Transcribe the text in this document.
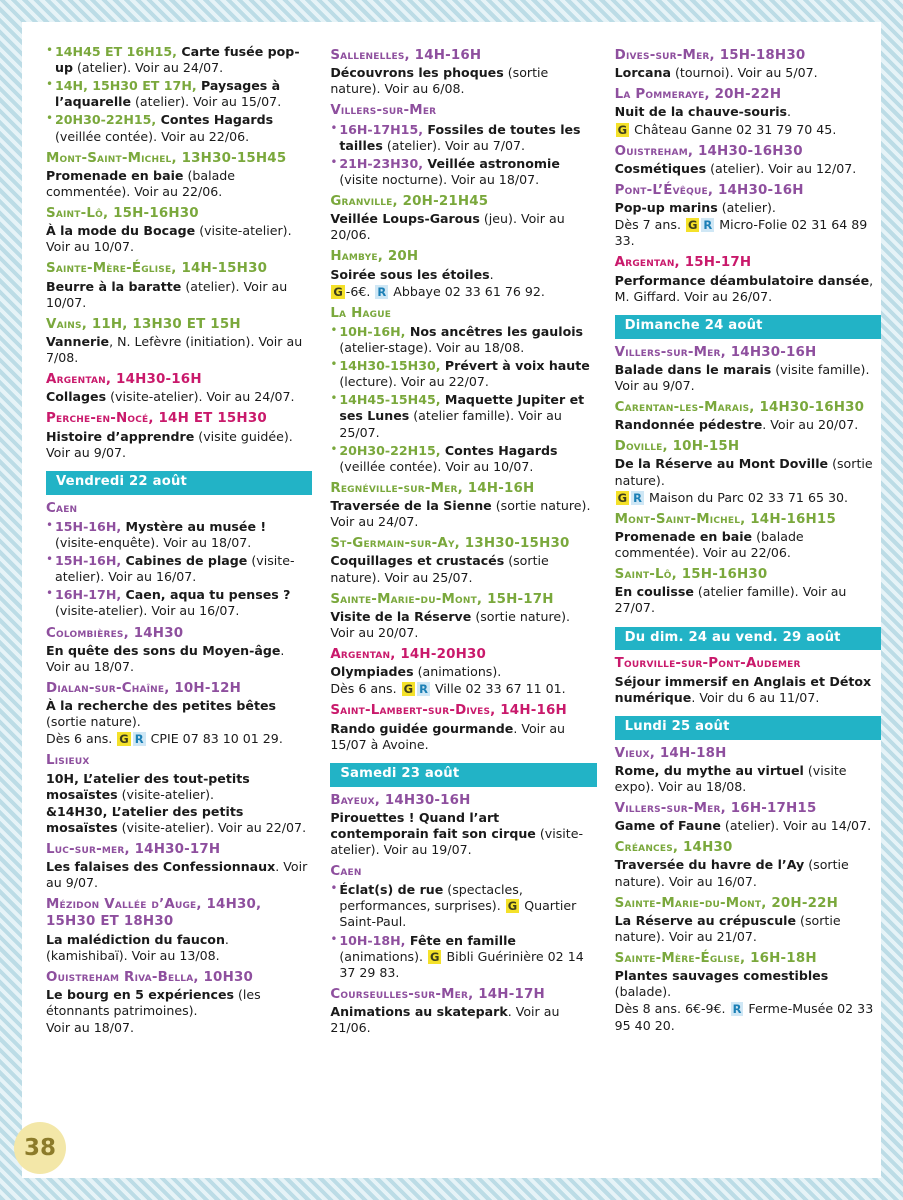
• 14H45 ET 16H15, Carte fusée pop-up (atelier). Voir au 24/07.
• 14H, 15H30 ET 17H, Paysages à l’aquarelle (atelier). Voir au 15/07.
• 20H30-22H15, Contes Hagards (veillée contée). Voir au 22/06.
Mont-Saint-Michel, 13H30-15H45
Promenade en baie (balade commentée). Voir au 22/06.
Saint-Lô, 15H-16H30
À la mode du Bocage (visite-atelier). Voir au 10/07.
Sainte-Mère-Église, 14H-15H30
Beurre à la baratte (atelier). Voir au 10/07.
Vains, 11H, 13H30 ET 15H
Vannerie, N. Lefèvre (initiation). Voir au 7/08.
Argentan, 14H30-16H
Collages (visite-atelier). Voir au 24/07.
Perche-en-Nocé, 14H ET 15H30
Histoire d’apprendre (visite guidée). Voir au 9/07.
Vendredi 22 août
Caen
• 15H-16H, Mystère au musée ! (visite-enquête). Voir au 18/07.
• 15H-16H, Cabines de plage (visite-atelier). Voir au 16/07.
• 16H-17H, Caen, aqua tu penses ? (visite-atelier). Voir au 16/07.
Colombières, 14H30
En quête des sons du Moyen-âge. Voir au 18/07.
Dialan-sur-Chaîne, 10H-12H
À la recherche des petites bêtes (sortie nature).
Dès 6 ans. G R CPIE 07 83 10 01 29.
Lisieux
10H, L’atelier des tout-petits mosaïstes (visite-atelier).
&14H30, L’atelier des petits mosaïstes (visite-atelier). Voir au 22/07.
Luc-sur-mer, 14H30-17H
Les falaises des Confessionnaux. Voir au 9/07.
Mézidon Vallée d’Auge, 14H30, 15H30 ET 18H30
La malédiction du faucon. (kamishibaï). Voir au 13/08.
Ouistreham Riva-Bella, 10H30
Le bourg en 5 expériences (les étonnants patrimoines).
Voir au 18/07.
Sallenelles, 14H-16H
Découvrons les phoques (sortie nature). Voir au 6/08.
Villers-sur-Mer
• 16H-17H15, Fossiles de toutes les tailles (atelier). Voir au 7/07.
• 21H-23H30, Veillée astronomie (visite nocturne). Voir au 18/07.
Granville, 20H-21H45
Veillée Loups-Garous (jeu). Voir au 20/06.
Hambye, 20H
Soirée sous les étoiles.
G -6€. R Abbaye 02 33 61 76 92.
La Hague
• 10H-16H, Nos ancêtres les gaulois (atelier-stage). Voir au 18/08.
• 14H30-15H30, Prévert à voix haute (lecture). Voir au 22/07.
• 14H45-15H45, Maquette Jupiter et ses Lunes (atelier famille). Voir au 25/07.
• 20H30-22H15, Contes Hagards (veillée contée). Voir au 10/07.
Regnéville-sur-Mer, 14H-16H
Traversée de la Sienne (sortie nature). Voir au 24/07.
St-Germain-sur-Ay, 13H30-15H30
Coquillages et crustacés (sortie nature). Voir au 25/07.
Sainte-Marie-du-Mont, 15H-17H
Visite de la Réserve (sortie nature). Voir au 20/07.
Argentan, 14H-20H30
Olympiades (animations).
Dès 6 ans. G R Ville 02 33 67 11 01.
Saint-Lambert-sur-Dives, 14H-16H
Rando guidée gourmande. Voir au 15/07 à Avoine.
Samedi 23 août
Bayeux, 14H30-16H
Pirouettes ! Quand l’art contemporain fait son cirque (visite-atelier). Voir au 19/07.
Caen
• Éclat(s) de rue (spectacles, performances, surprises). G Quartier Saint-Paul.
• 10H-18H, Fête en famille (animations). G Bibli Guérinière 02 14 37 29 83.
Courseulles-sur-Mer, 14H-17H
Animations au skatepark. Voir au 21/06.
Dives-sur-Mer, 15H-18H30
Lorcana (tournoi). Voir au 5/07.
La Pommeraye, 20H-22H
Nuit de la chauve-souris.
G Château Ganne 02 31 79 70 45.
Ouistreham, 14H30-16H30
Cosmétiques (atelier). Voir au 12/07.
Pont-L’Évêque, 14H30-16H
Pop-up marins (atelier).
Dès 7 ans. G R Micro-Folie 02 31 64 89 33.
Argentan, 15H-17H
Performance déambulatoire dansée, M. Giffard. Voir au 26/07.
Dimanche 24 août
Villers-sur-Mer, 14H30-16H
Balade dans le marais (visite famille). Voir au 9/07.
Carentan-les-Marais, 14H30-16H30
Randonnée pédestre. Voir au 20/07.
Doville, 10H-15H
De la Réserve au Mont Doville (sortie nature).
G R Maison du Parc 02 33 71 65 30.
Mont-Saint-Michel, 14H-16H15
Promenade en baie (balade commentée). Voir au 22/06.
Saint-Lô, 15H-16H30
En coulisse (atelier famille). Voir au 27/07.
Du dim. 24 au vend. 29 août
Tourville-sur-Pont-Audemer
Séjour immersif en Anglais et Détox numérique. Voir du 6 au 11/07.
Lundi 25 août
Vieux, 14H-18H
Rome, du mythe au virtuel (visite expo). Voir au 18/08.
Villers-sur-Mer, 16H-17H15
Game of Faune (atelier). Voir au 14/07.
Créances, 14H30
Traversée du havre de l’Ay (sortie nature). Voir au 16/07.
Sainte-Marie-du-Mont, 20H-22H
La Réserve au crépuscule (sortie nature). Voir au 21/07.
Sainte-Mère-Église, 16H-18H
Plantes sauvages comestibles (balade).
Dès 8 ans. 6€-9€. R Ferme-Musée 02 33 95 40 20.
38
